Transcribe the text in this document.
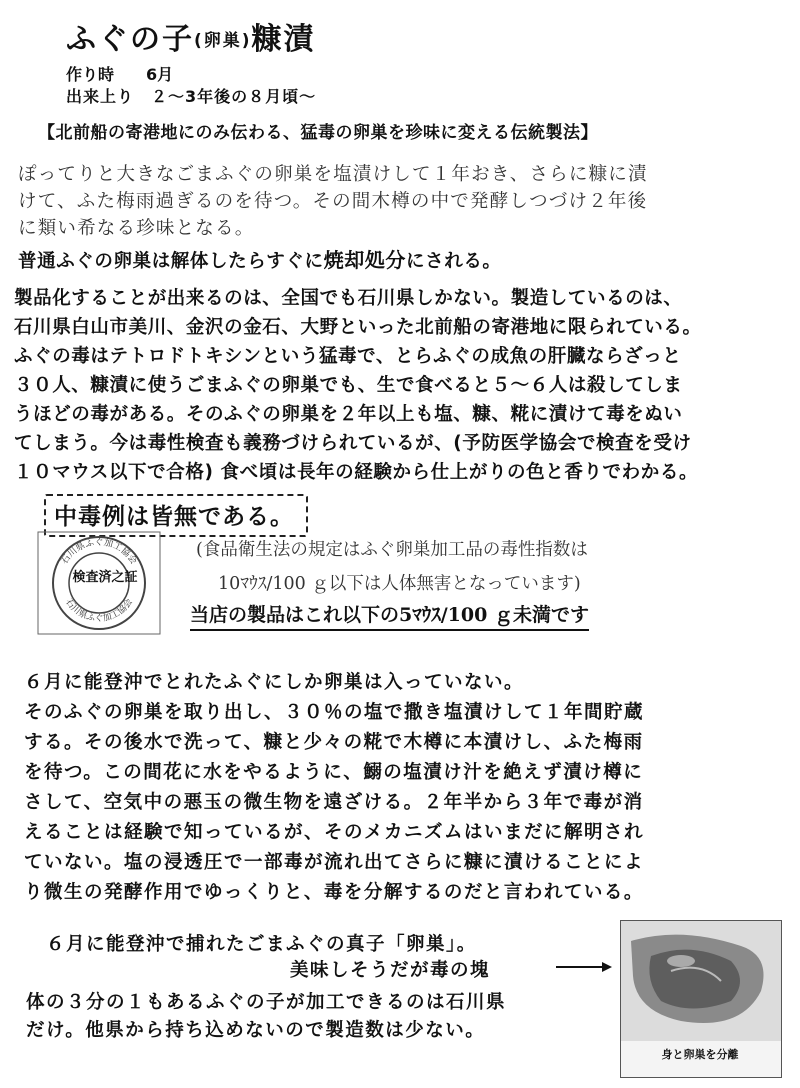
ふぐの子(卵巣)糠漬
作り時　　6月
出来上り　２～3年後の８月頃～
【北前船の寄港地にのみ伝わる、猛毒の卵巣を珍味に変える伝統製法】
ぽってりと大きなごまふぐの卵巣を塩漬けして１年おき、さらに糠に漬
けて、ふた梅雨過ぎるのを待つ。その間木樽の中で発酵しつづけ２年後
に類い希なる珍味となる。
普通ふぐの卵巣は解体したらすぐに焼却処分にされる。
製品化することが出来るのは、全国でも石川県しかない。製造しているのは、
石川県白山市美川、金沢の金石、大野といった北前船の寄港地に限られている。
ふぐの毒はテトロドトキシンという猛毒で、とらふぐの成魚の肝臓ならざっと
３０人、糠漬に使うごまふぐの卵巣でも、生で食べると５～６人は殺してしま
うほどの毒がある。そのふぐの卵巣を２年以上も塩、糠、糀に漬けて毒をぬい
てしまう。今は毒性検査も義務づけられているが、(予防医学協会で検査を受け
１０マウス以下で合格) 食べ頃は長年の経験から仕上がりの色と香りでわかる。
中毒例は皆無である。
石川県ふぐ加工協会
石川県ふぐ加工協会
検査済之証
(食品衛生法の規定はふぐ卵巣加工品の毒性指数は
10ﾏｳｽ/100 ｇ以下は人体無害となっています)
当店の製品はこれ以下の5ﾏｳｽ/100 ｇ未満です
６月に能登沖でとれたふぐにしか卵巣は入っていない。
そのふぐの卵巣を取り出し、３０％の塩で撒き塩漬けして１年間貯蔵
する。その後水で洗って、糠と少々の糀で木樽に本漬けし、ふた梅雨
を待つ。この間花に水をやるように、鰯の塩漬け汁を絶えず漬け樽に
さして、空気中の悪玉の微生物を遠ざける。２年半から３年で毒が消
えることは経験で知っているが、そのメカニズムはいまだに解明され
ていない。塩の浸透圧で一部毒が流れ出てさらに糠に漬けることによ
り微生の発酵作用でゆっくりと、毒を分解するのだと言われている。
６月に能登沖で捕れたごまふぐの真子「卵巣」。
美味しそうだが毒の塊
体の３分の１もあるふぐの子が加工できるのは石川県
だけ。他県から持ち込めないので製造数は少ない。
身と卵巣を分離
